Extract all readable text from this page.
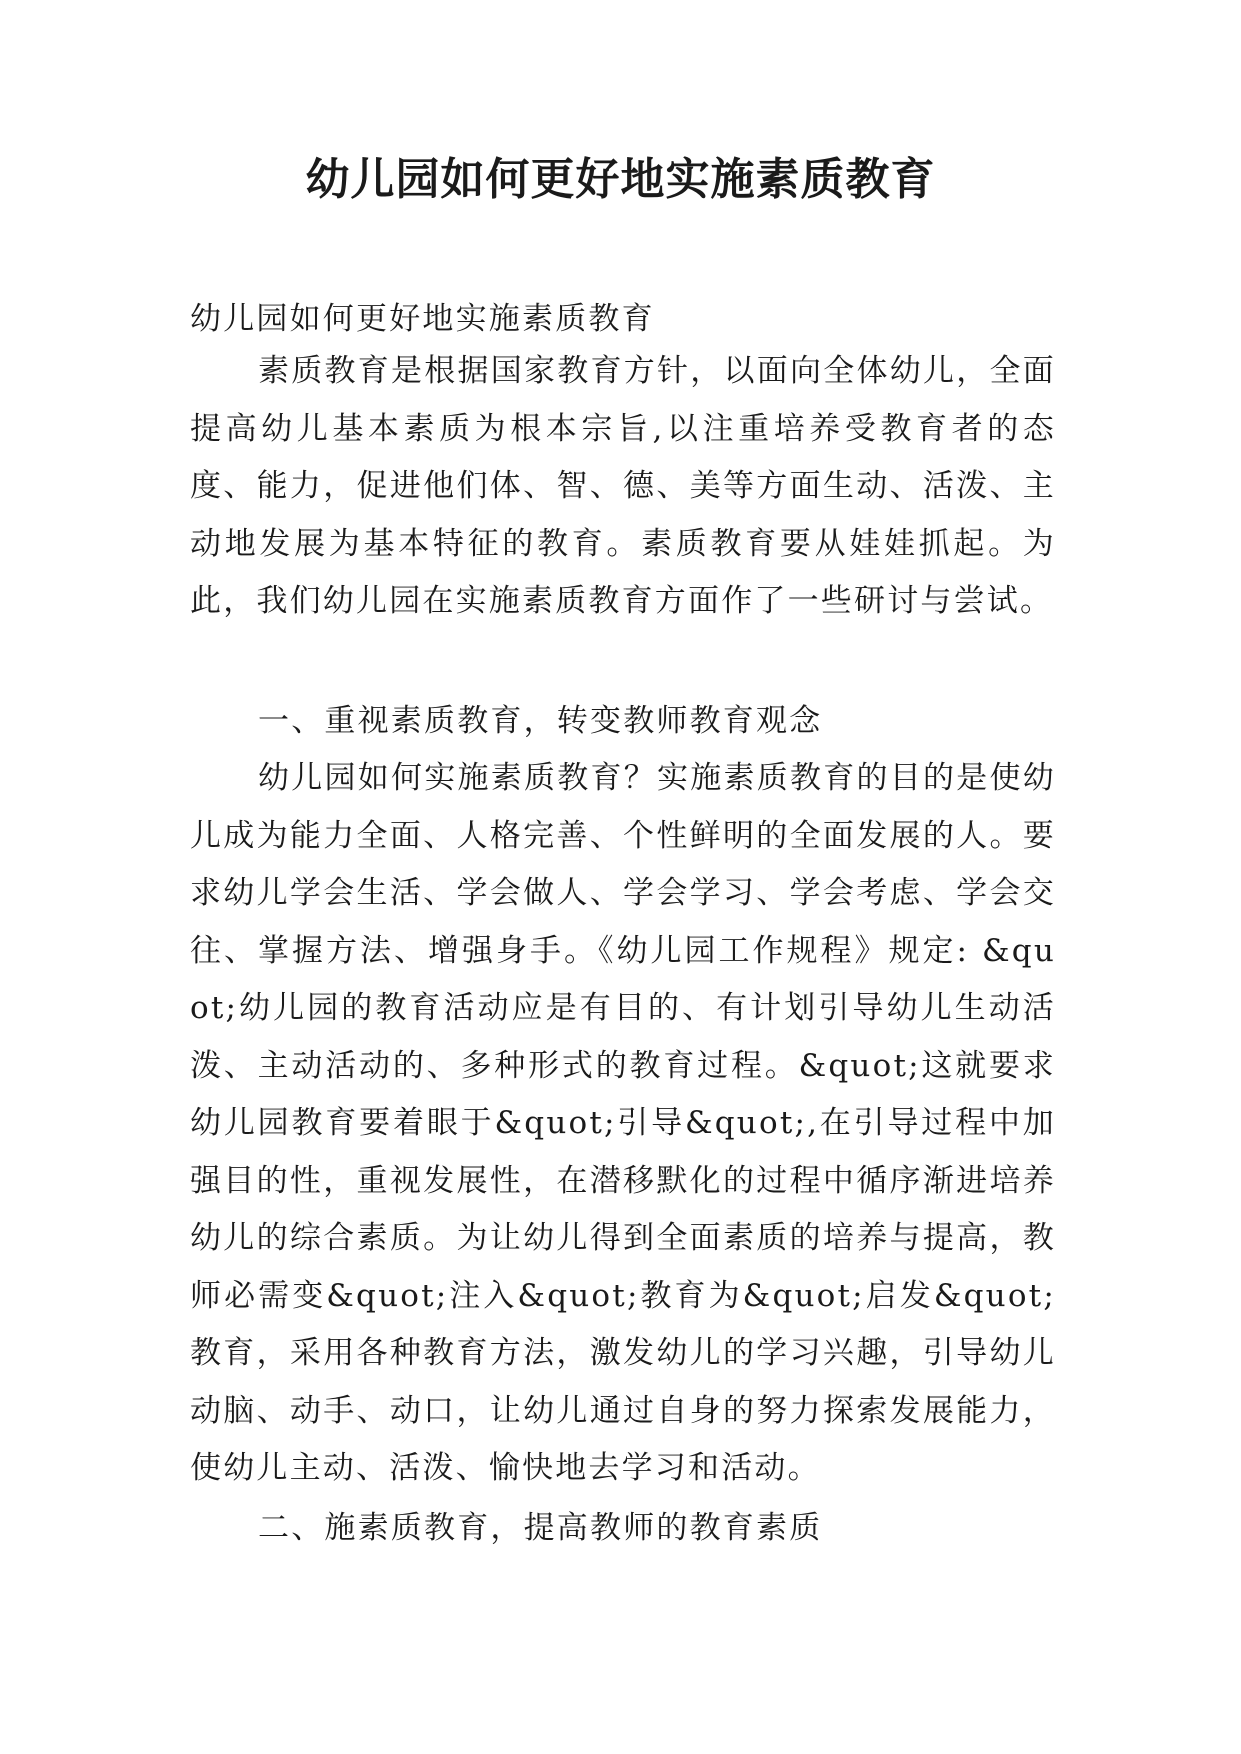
幼儿园如何更好地实施素质教育

幼儿园如何更好地实施素质教育

素质教育是根据国家教育方针，以面向全体幼儿，全面提高幼儿基本素质为根本宗旨,以注重培养受教育者的态度、能力，促进他们体、智、德、美等方面生动、活泼、主动地发展为基本特征的教育。素质教育要从娃娃抓起。为此，我们幼儿园在实施素质教育方面作了一些研讨与尝试。

一、重视素质教育，转变教师教育观念

幼儿园如何实施素质教育？实施素质教育的目的是使幼儿成为能力全面、人格完善、个性鲜明的全面发展的人。要求幼儿学会生活、学会做人、学会学习、学会考虑、学会交往、掌握方法、增强身手。《幼儿园工作规程》规定: &quot;幼儿园的教育活动应是有目的、有计划引导幼儿生动活泼、主动活动的、多种形式的教育过程。&quot;这就要求幼儿园教育要着眼于&quot;引导&quot;,在引导过程中加强目的性，重视发展性，在潜移默化的过程中循序渐进培养幼儿的综合素质。为让幼儿得到全面素质的培养与提高，教师必需变&quot;注入&quot;教育为&quot;启发&quot;教育，采用各种教育方法，激发幼儿的学习兴趣，引导幼儿动脑、动手、动口，让幼儿通过自身的努力探索发展能力，使幼儿主动、活泼、愉快地去学习和活动。

二、施素质教育，提高教师的教育素质
